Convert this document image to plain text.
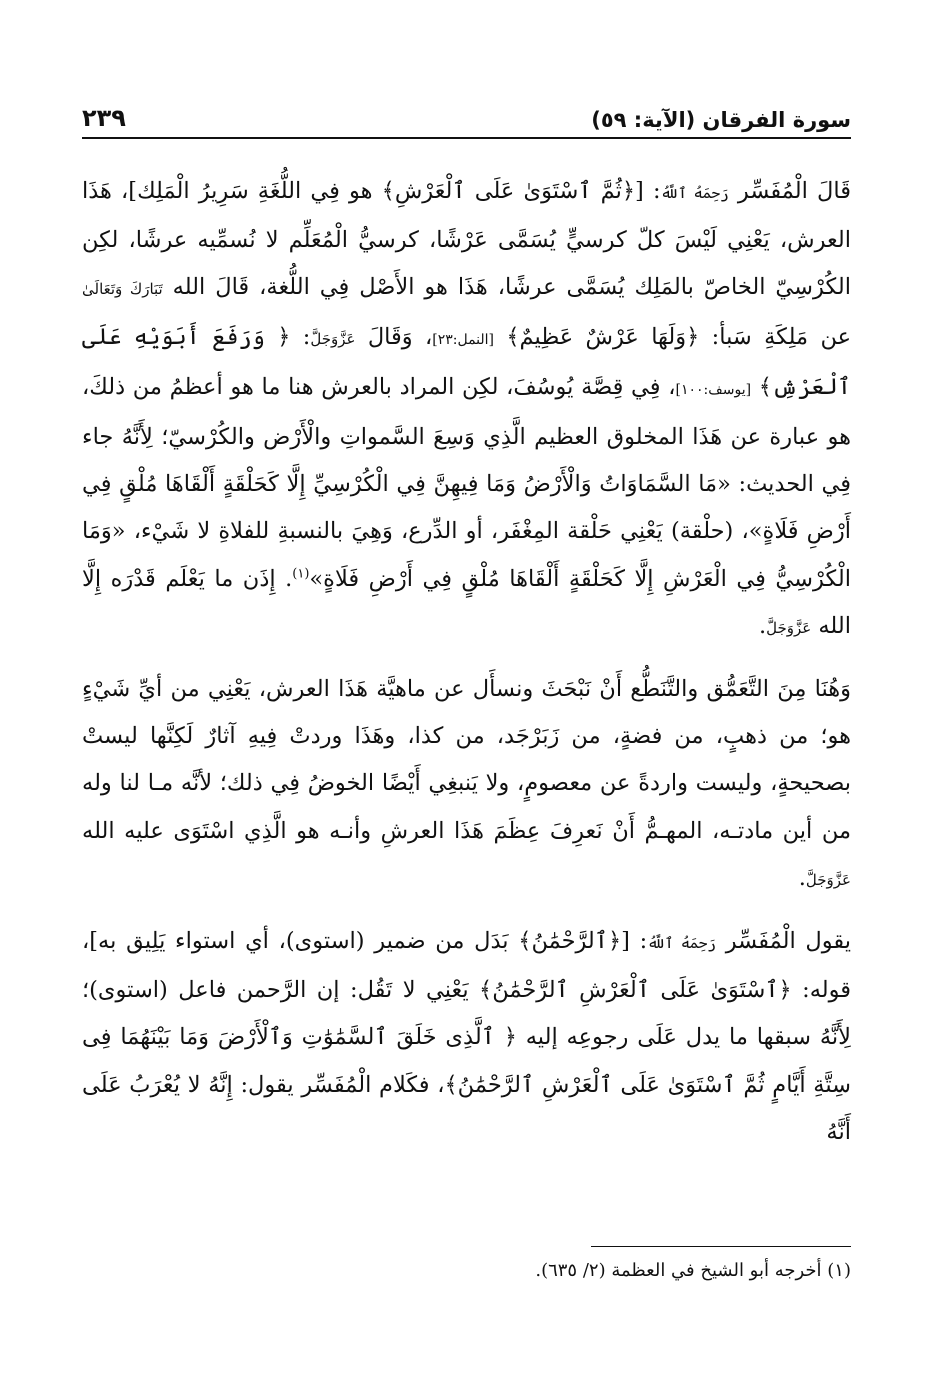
سورة الفرقان (الآية: ٥٩)
٢٣٩

قَالَ الْمُفَسِّر رَحِمَهُ ٱللَّهُ: [﴿ثُمَّ ٱسْتَوَىٰ عَلَى ٱلْعَرْشِ﴾ هو فِي اللُّغَةِ سَرِيرُ الْمَلِك]، هَذَا العرش، يَعْنِي لَيْسَ كلّ كرسيٍّ يُسَمَّى عَرْشًا، كرسيُّ الْمُعَلِّم لا نُسمِّيه عرشًا، لكِن الكُرْسِيّ الخاصّ بالمَلِك يُسَمَّى عرشًا، هَذَا هو الأَصْل فِي اللُّغة، قَالَ الله تَبَارَكَ وَتَعَالَىٰ عن مَلِكَةِ سَبأ: ﴿وَلَهَا عَرْشٌ عَظِيمٌ﴾ [النمل:٢٣]، وَقَالَ عَزَّوَجَلَّ: ﴿ وَرَفَعَ أَبَوَيْهِ عَلَى ٱلْعَرْشِ﴾ [يوسف:١٠٠]، فِي قِصَّة يُوسُفَ، لكِن المراد بالعرش هنا ما هو أعظمُ من ذلكَ، هو عبارة عن هَذَا المخلوق العظيم الَّذِي وَسِعَ السَّمواتِ والْأَرْض والكُرْسيّ؛ لِأَنَّهُ جاء فِي الحديث: «مَا السَّمَاوَاتُ وَالْأَرْضُ وَمَا فِيهِنَّ فِي الْكُرْسِيِّ إِلَّا كَحَلْقَةٍ أَلْقَاهَا مُلْقٍ فِي أَرْضِ فَلَاةٍ»، (حلْقة) يَعْنِي حَلْقة المِغْفَر، أو الدِّرع، وَهِيَ بالنسبةِ للفلاةِ لا شَيْء، «وَمَا الْكُرْسِيُّ فِي الْعَرْشِ إِلَّا كَحَلْقَةٍ أَلْقَاهَا مُلْقٍ فِي أَرْضِ فَلَاةٍ»$^{(١)}$. إِذَن ما يَعْلَم قَدْرَه إِلَّا الله عَزَّوَجَلَّ.

وَهُنَا مِنَ التَّعَمُّق والتَّنَطُّع أَنْ نَبْحَثَ ونسأَل عن ماهيَّة هَذَا العرش، يَعْنِي من أيِّ شَيْءٍ هو؛ من ذهبٍ، من فضةٍ، من زَبَرْجَد، من كذا، وهَذَا وردتْ فِيهِ آثارٌ لَكِنَّها ليستْ بصحيحةٍ، وليست واردةً عن معصومٍ، ولا يَنبغِي أَيْضًا الخوضُ فِي ذلك؛ لأنَّه مـا لنا وله من أين مادتـه، المهـمُّ أَنْ نَعرِفَ عِظَمَ هَذَا العرشِ وأنـه هو الَّذِي اسْتَوَى عليه الله عَزَّوَجَلَّ.

يقول الْمُفَسِّر رَحِمَهُ ٱللَّهُ: [﴿ٱلرَّحْمَٰنُ﴾ بَدَل من ضمير (استوى)، أي استواء يَلِيق به]، قوله: ﴿ٱسْتَوَىٰ عَلَى ٱلْعَرْشِ ٱلرَّحْمَٰنُ﴾ يَعْنِي لا تَقُل: إن الرَّحمن فاعل (استوى)؛ لِأَنَّهُ سبقها ما يدل عَلَى رجوعِه إليه ﴿ ٱلَّذِى خَلَقَ ٱلسَّمَٰوَٰتِ وَٱلْأَرْضَ وَمَا بَيْنَهُمَا فِى سِتَّةِ أَيَّامٍ ثُمَّ ٱسْتَوَىٰ عَلَى ٱلْعَرْشِ ٱلرَّحْمَٰنُ﴾، فكَلام الْمُفَسِّر يقول: إِنَّهُ لا يُعْرَبُ عَلَى أَنَّهُ

(١) أخرجه أبو الشيخ في العظمة (٢/ ٦٣٥).
